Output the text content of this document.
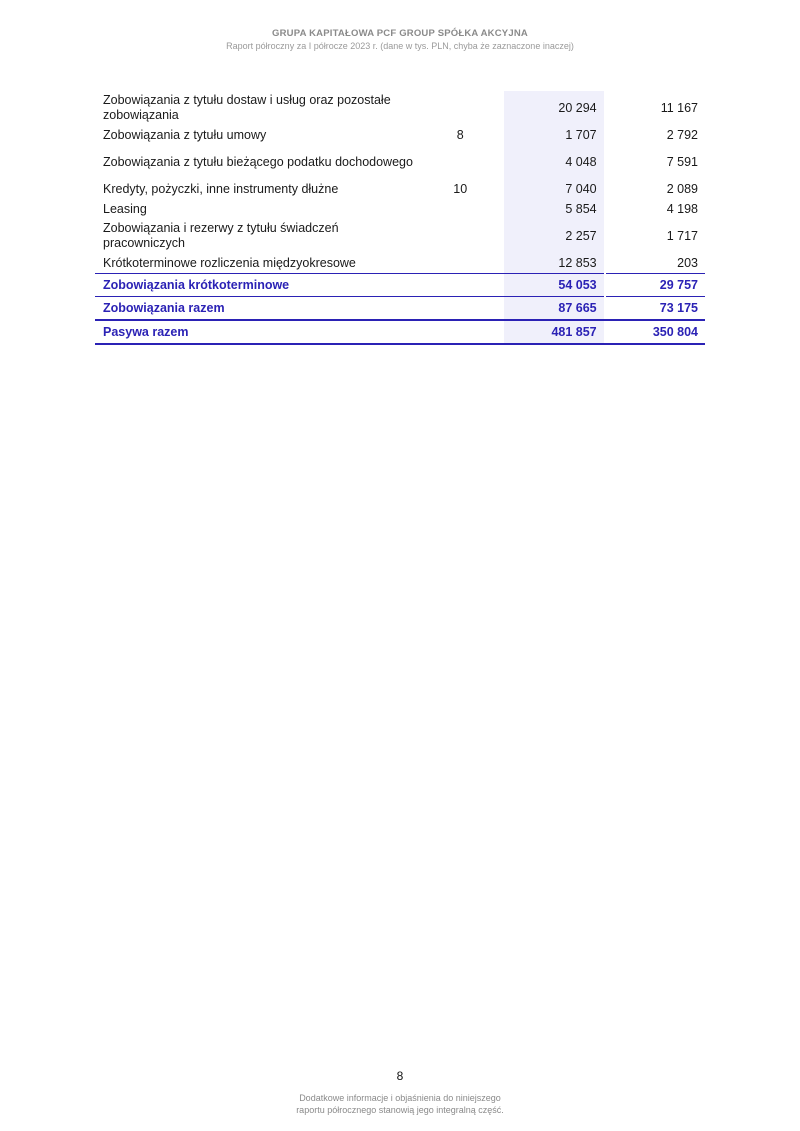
GRUPA KAPITAŁOWA PCF GROUP SPÓŁKA AKCYJNA
Raport półroczny za I półrocze 2023 r. (dane w tys. PLN, chyba że zaznaczone inaczej)
Zobowiązania z tytułu dostaw i usług oraz pozostałe zobowiązania		20 294	11 167
Zobowiązania z tytułu umowy	8	1 707	2 792
Zobowiązania z tytułu bieżącego podatku dochodowego		4 048	7 591
Kredyty, pożyczki, inne instrumenty dłużne	10	7 040	2 089
Leasing		5 854	4 198
Zobowiązania i rezerwy z tytułu świadczeń pracowniczych		2 257	1 717
Krótkoterminowe rozliczenia międzyokresowe		12 853	203
Zobowiązania krótkoterminowe		54 053	29 757
Zobowiązania razem		87 665	73 175
Pasywa razem		481 857	350 804
8
Dodatkowe informacje i objaśnienia do niniejszego
raportu półrocznego stanowią jego integralną część.
